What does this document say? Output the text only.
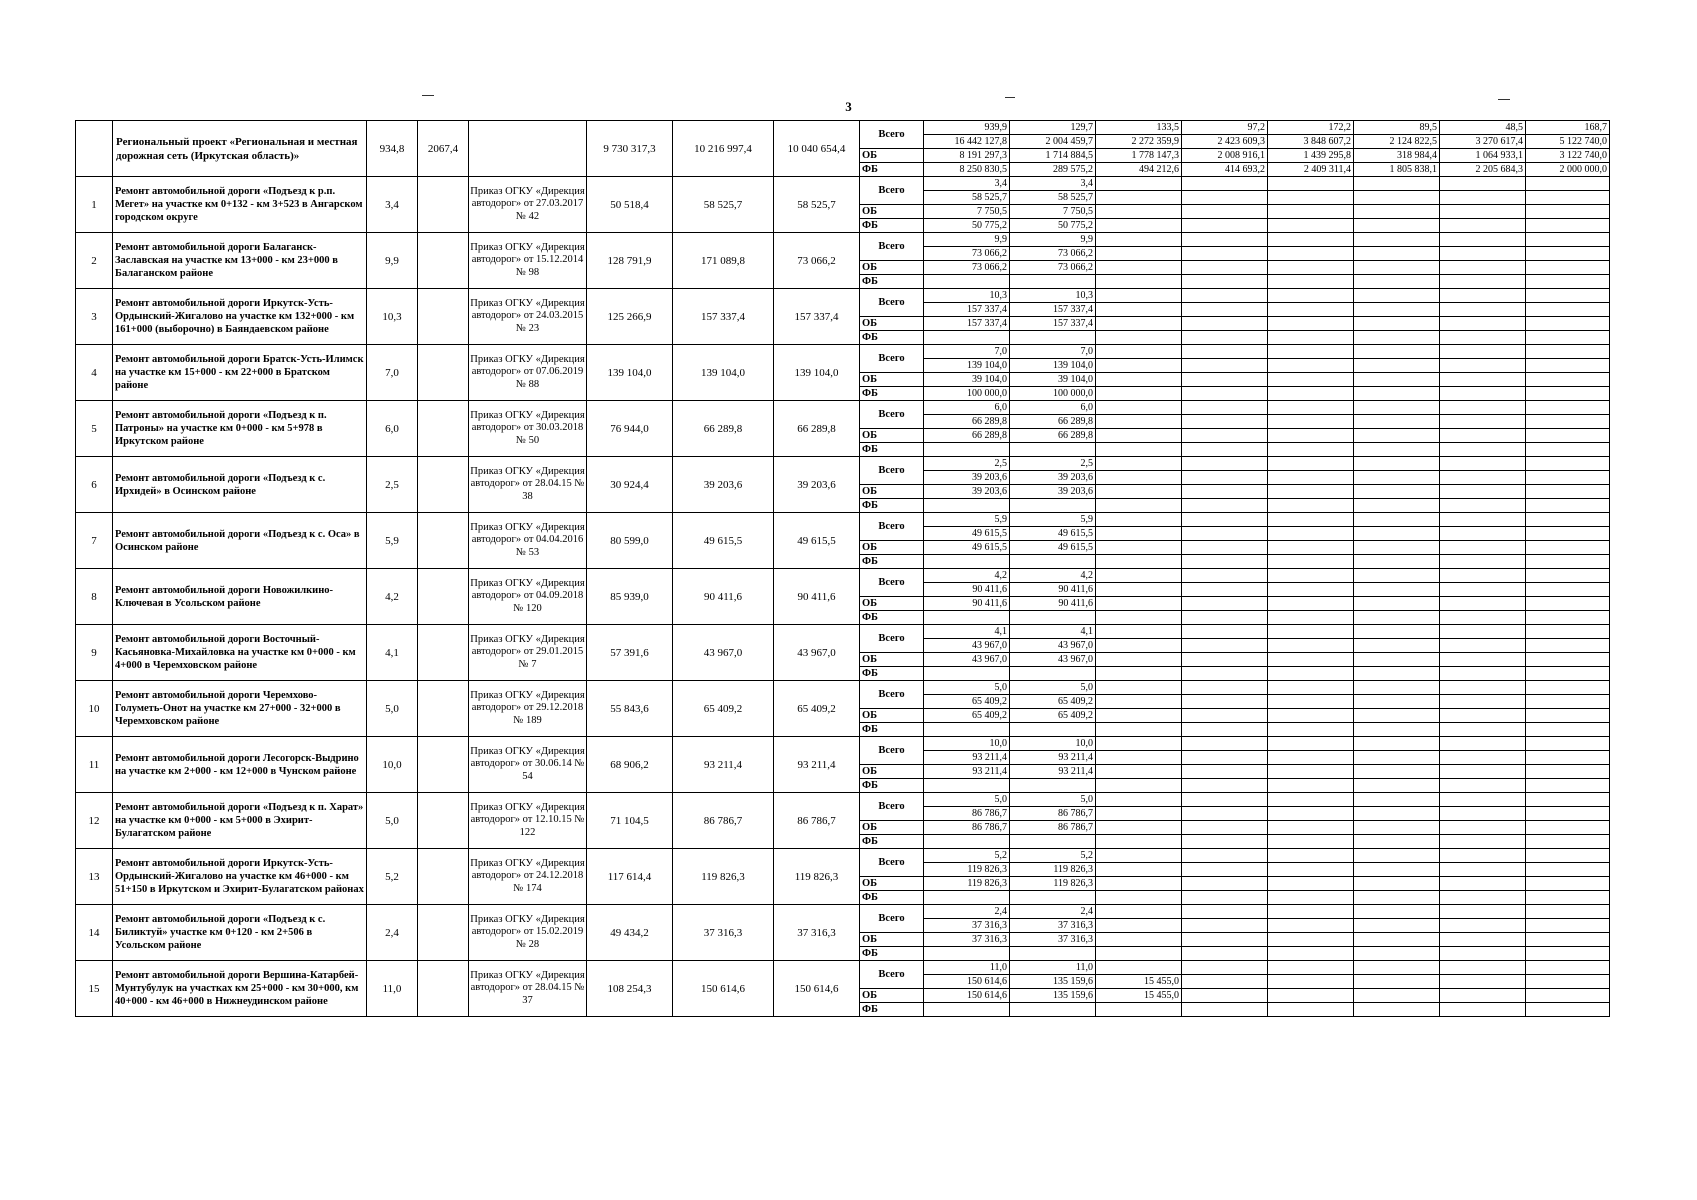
3
	Региональный проект «Региональная и местная дорожная сеть (Иркутская область)»	934,8	2067,4		9 730 317,3	10 216 997,4	10 040 654,4	Всего	939,9	129,7	133,5	97,2	172,2	89,5	48,5	168,7
									16 442 127,8	2 004 459,7	2 272 359,9	2 423 609,3	3 848 607,2	2 124 822,5	3 270 617,4	5 122 740,0
								ОБ	8 191 297,3	1 714 884,5	1 778 147,3	2 008 916,1	1 439 295,8	318 984,4	1 064 933,1	3 122 740,0
								ФБ	8 250 830,5	289 575,2	494 212,6	414 693,2	2 409 311,4	1 805 838,1	2 205 684,3	2 000 000,0
1	Ремонт автомобильной дороги «Подъезд к р.п. Мегет» на участке км 0+132 - км 3+523 в Ангарском городском округе	3,4		Приказ ОГКУ «Дирекция автодорог» от 27.03.2017 № 42	50 518,4	58 525,7	58 525,7	Всего	3,4	3,4						
									58 525,7	58 525,7						
								ОБ	7 750,5	7 750,5						
								ФБ	50 775,2	50 775,2						
2	Ремонт автомобильной дороги Балаганск-Заславская на участке км 13+000 - км 23+000 в Балаганском районе	9,9		Приказ ОГКУ «Дирекция автодорог» от 15.12.2014 № 98	128 791,9	171 089,8	73 066,2	Всего	9,9	9,9						
									73 066,2	73 066,2						
								ОБ	73 066,2	73 066,2						
								ФБ								
3	Ремонт автомобильной дороги Иркутск-Усть-Ордынский-Жигалово на участке км 132+000 - км 161+000 (выборочно) в Баяндаевском районе	10,3		Приказ ОГКУ «Дирекция автодорог» от 24.03.2015 № 23	125 266,9	157 337,4	157 337,4	Всего	10,3	10,3						
									157 337,4	157 337,4						
								ОБ	157 337,4	157 337,4						
								ФБ								
4	Ремонт автомобильной дороги Братск-Усть-Илимск на участке км 15+000 - км 22+000 в Братском районе	7,0		Приказ ОГКУ «Дирекция автодорог» от 07.06.2019 № 88	139 104,0	139 104,0	139 104,0	Всего	7,0	7,0						
									139 104,0	139 104,0						
								ОБ	39 104,0	39 104,0						
								ФБ	100 000,0	100 000,0						
5	Ремонт автомобильной дороги «Подъезд к п. Патроны» на участке км 0+000 - км 5+978 в Иркутском районе	6,0		Приказ ОГКУ «Дирекция автодорог» от 30.03.2018 № 50	76 944,0	66 289,8	66 289,8	Всего	6,0	6,0						
									66 289,8	66 289,8						
								ОБ	66 289,8	66 289,8						
								ФБ								
6	Ремонт автомобильной дороги «Подъезд к с. Ирхидей» в Осинском районе	2,5		Приказ ОГКУ «Дирекция автодорог» от 28.04.15 № 38	30 924,4	39 203,6	39 203,6	Всего	2,5	2,5						
									39 203,6	39 203,6						
								ОБ	39 203,6	39 203,6						
								ФБ								
7	Ремонт автомобильной дороги «Подъезд к с. Оса» в Осинском районе	5,9		Приказ ОГКУ «Дирекция автодорог» от 04.04.2016 № 53	80 599,0	49 615,5	49 615,5	Всего	5,9	5,9						
									49 615,5	49 615,5						
								ОБ	49 615,5	49 615,5						
								ФБ								
8	Ремонт автомобильной дороги Новожилкино-Ключевая в Усольском районе	4,2		Приказ ОГКУ «Дирекция автодорог» от 04.09.2018 № 120	85 939,0	90 411,6	90 411,6	Всего	4,2	4,2						
									90 411,6	90 411,6						
								ОБ	90 411,6	90 411,6						
								ФБ								
9	Ремонт автомобильной дороги Восточный-Касьяновка-Михайловка на участке км 0+000 - км 4+000 в Черемховском районе	4,1		Приказ ОГКУ «Дирекция автодорог» от 29.01.2015 № 7	57 391,6	43 967,0	43 967,0	Всего	4,1	4,1						
									43 967,0	43 967,0						
								ОБ	43 967,0	43 967,0						
								ФБ								
10	Ремонт автомобильной дороги Черемхово-Голуметь-Онот на участке км 27+000 - 32+000 в Черемховском районе	5,0		Приказ ОГКУ «Дирекция автодорог» от 29.12.2018 № 189	55 843,6	65 409,2	65 409,2	Всего	5,0	5,0						
									65 409,2	65 409,2						
								ОБ	65 409,2	65 409,2						
								ФБ								
11	Ремонт автомобильной дороги Лесогорск-Выдрино на участке км 2+000 - км 12+000 в Чунском районе	10,0		Приказ ОГКУ «Дирекция автодорог» от 30.06.14 № 54	68 906,2	93 211,4	93 211,4	Всего	10,0	10,0						
									93 211,4	93 211,4						
								ОБ	93 211,4	93 211,4						
								ФБ								
12	Ремонт автомобильной дороги «Подъезд к п. Харат» на участке км 0+000 - км 5+000 в Эхирит-Булагатском районе	5,0		Приказ ОГКУ «Дирекция автодорог» от 12.10.15 № 122	71 104,5	86 786,7	86 786,7	Всего	5,0	5,0						
									86 786,7	86 786,7						
								ОБ	86 786,7	86 786,7						
								ФБ								
13	Ремонт автомобильной дороги Иркутск-Усть-Ордынский-Жигалово на участке км 46+000 - км 51+150 в Иркутском и Эхирит-Булагатском районах	5,2		Приказ ОГКУ «Дирекция автодорог» от 24.12.2018 № 174	117 614,4	119 826,3	119 826,3	Всего	5,2	5,2						
									119 826,3	119 826,3						
								ОБ	119 826,3	119 826,3						
								ФБ								
14	Ремонт автомобильной дороги «Подъезд к с. Биликтуй» участке км 0+120 - км 2+506 в Усольском районе	2,4		Приказ ОГКУ «Дирекция автодорог» от 15.02.2019 № 28	49 434,2	37 316,3	37 316,3	Всего	2,4	2,4						
									37 316,3	37 316,3						
								ОБ	37 316,3	37 316,3						
								ФБ								
15	Ремонт автомобильной дороги Вершина-Катарбей-Мунтубулук на участках км 25+000 - км 30+000, км 40+000 - км 46+000 в Нижнеудинском районе	11,0		Приказ ОГКУ «Дирекция автодорог» от 28.04.15 № 37	108 254,3	150 614,6	150 614,6	Всего	11,0	11,0						
									150 614,6	135 159,6	15 455,0					
								ОБ	150 614,6	135 159,6	15 455,0					
								ФБ								
